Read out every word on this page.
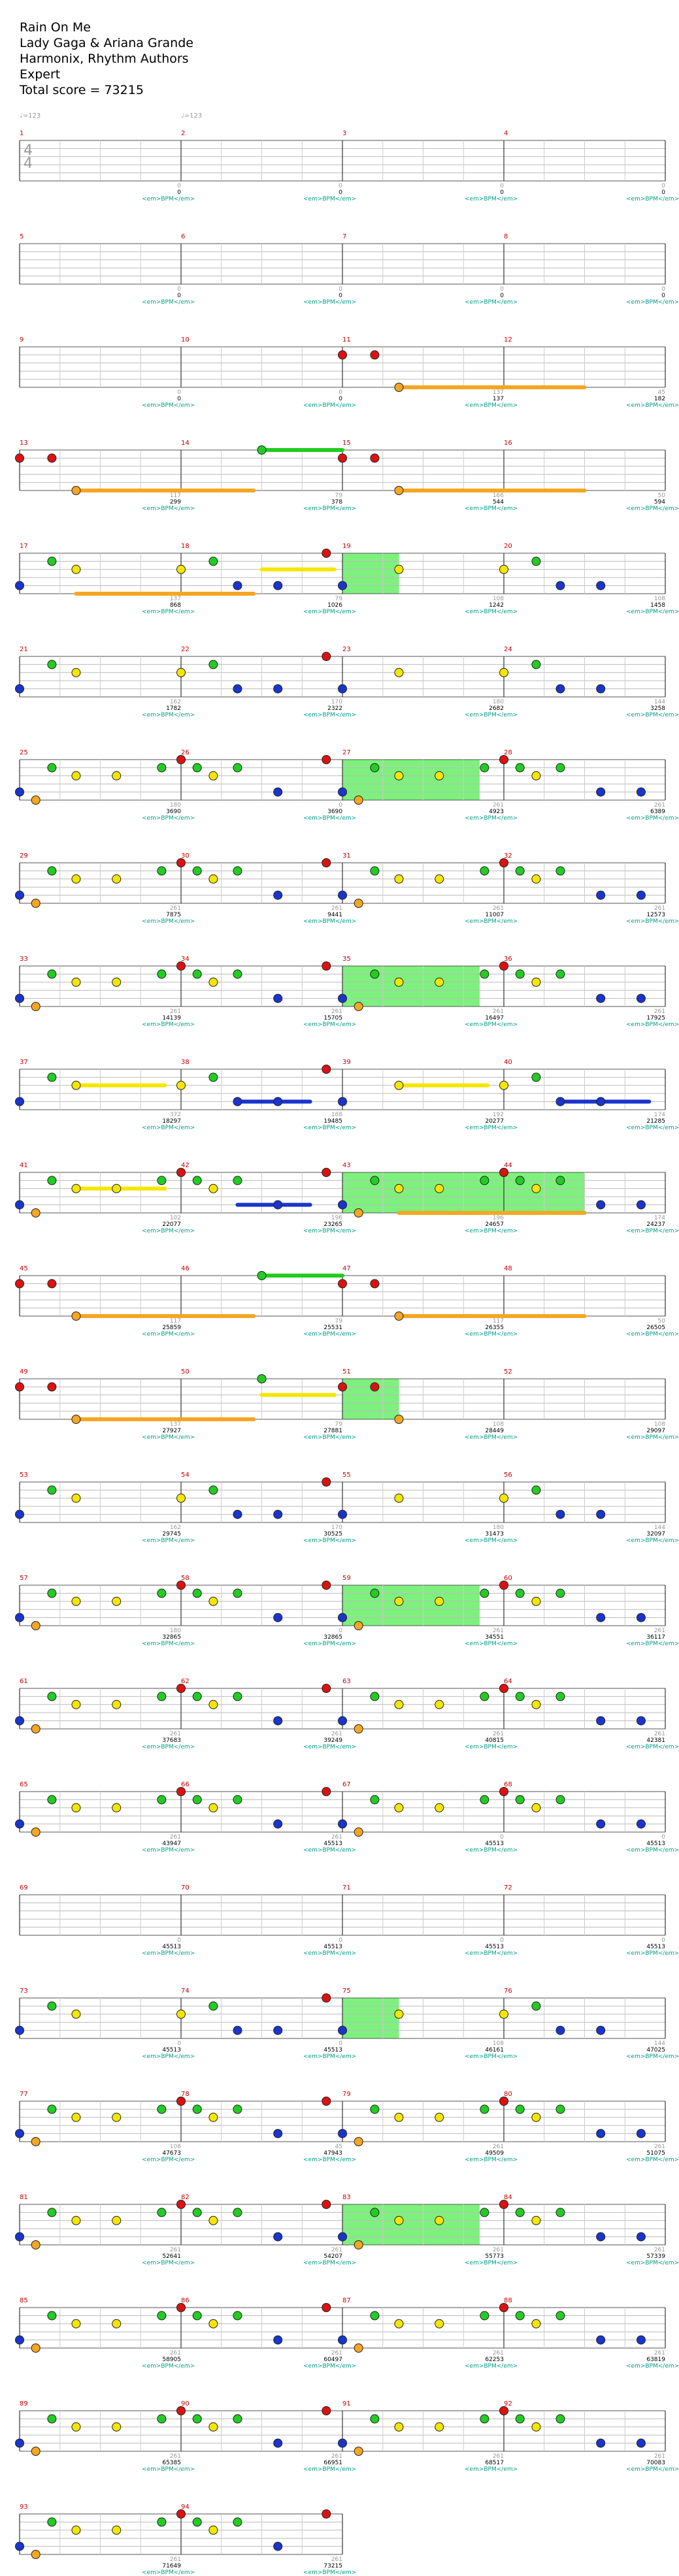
Rain On Me
Lady Gaga & Ariana Grande
Harmonix, Rhythm Authors
Expert
Total score = 73215
♩=123	♩=123
1
0
0
<em>BPM</em>
2
0
0
<em>BPM</em>
3
0
0
<em>BPM</em>
4
0
0
<em>BPM</em>
4
4
5
0
0
<em>BPM</em>
6
0
0
<em>BPM</em>
7
0
0
<em>BPM</em>
8
0
0
<em>BPM</em>
9
0
0
<em>BPM</em>
10
0
0
<em>BPM</em>
11
137
137
<em>BPM</em>
12
45
182
<em>BPM</em>
13
117
299
<em>BPM</em>
14
79
378
<em>BPM</em>
15
166
544
<em>BPM</em>
16
50
594
<em>BPM</em>
17
137
868
<em>BPM</em>
18
79
1026
<em>BPM</em>
19
108
1242
<em>BPM</em>
20
108
1458
<em>BPM</em>
21
162
1782
<em>BPM</em>
22
170
2322
<em>BPM</em>
23
180
2682
<em>BPM</em>
24
144
3258
<em>BPM</em>
25
180
3690
<em>BPM</em>
26
0
3690
<em>BPM</em>
27
261
4923
<em>BPM</em>
28
261
6389
<em>BPM</em>
29
261
7875
<em>BPM</em>
30
261
9441
<em>BPM</em>
31
261
11007
<em>BPM</em>
32
261
12573
<em>BPM</em>
33
261
14139
<em>BPM</em>
34
261
15705
<em>BPM</em>
35
261
16497
<em>BPM</em>
36
261
17925
<em>BPM</em>
37
372
18297
<em>BPM</em>
38
188
19485
<em>BPM</em>
39
192
20277
<em>BPM</em>
40
174
21285
<em>BPM</em>
41
102
22077
<em>BPM</em>
42
196
23265
<em>BPM</em>
43
196
24657
<em>BPM</em>
44
174
24237
<em>BPM</em>
45
117
25859
<em>BPM</em>
46
79
25531
<em>BPM</em>
47
117
26355
<em>BPM</em>
48
50
26505
<em>BPM</em>
49
137
27927
<em>BPM</em>
50
79
27881
<em>BPM</em>
51
108
28449
<em>BPM</em>
52
108
29097
<em>BPM</em>
53
162
29745
<em>BPM</em>
54
170
30525
<em>BPM</em>
55
180
31473
<em>BPM</em>
56
144
32097
<em>BPM</em>
57
180
32865
<em>BPM</em>
58
0
32865
<em>BPM</em>
59
261
34551
<em>BPM</em>
60
261
36117
<em>BPM</em>
61
261
37683
<em>BPM</em>
62
261
39249
<em>BPM</em>
63
261
40815
<em>BPM</em>
64
261
42381
<em>BPM</em>
65
261
43947
<em>BPM</em>
66
261
45513
<em>BPM</em>
67
0
45513
<em>BPM</em>
68
0
45513
<em>BPM</em>
69
0
45513
<em>BPM</em>
70
0
45513
<em>BPM</em>
71
0
45513
<em>BPM</em>
72
0
45513
<em>BPM</em>
73
0
45513
<em>BPM</em>
74
0
45513
<em>BPM</em>
75
108
46161
<em>BPM</em>
76
144
47025
<em>BPM</em>
77
108
47673
<em>BPM</em>
78
45
47943
<em>BPM</em>
79
261
49509
<em>BPM</em>
80
261
51075
<em>BPM</em>
81
261
52641
<em>BPM</em>
82
261
54207
<em>BPM</em>
83
261
55773
<em>BPM</em>
84
261
57339
<em>BPM</em>
85
261
58905
<em>BPM</em>
86
261
60497
<em>BPM</em>
87
261
62253
<em>BPM</em>
88
261
63819
<em>BPM</em>
89
261
65385
<em>BPM</em>
90
261
66951
<em>BPM</em>
91
261
68517
<em>BPM</em>
92
261
70083
<em>BPM</em>
93
261
71649
<em>BPM</em>
94
261
73215
<em>BPM</em>
